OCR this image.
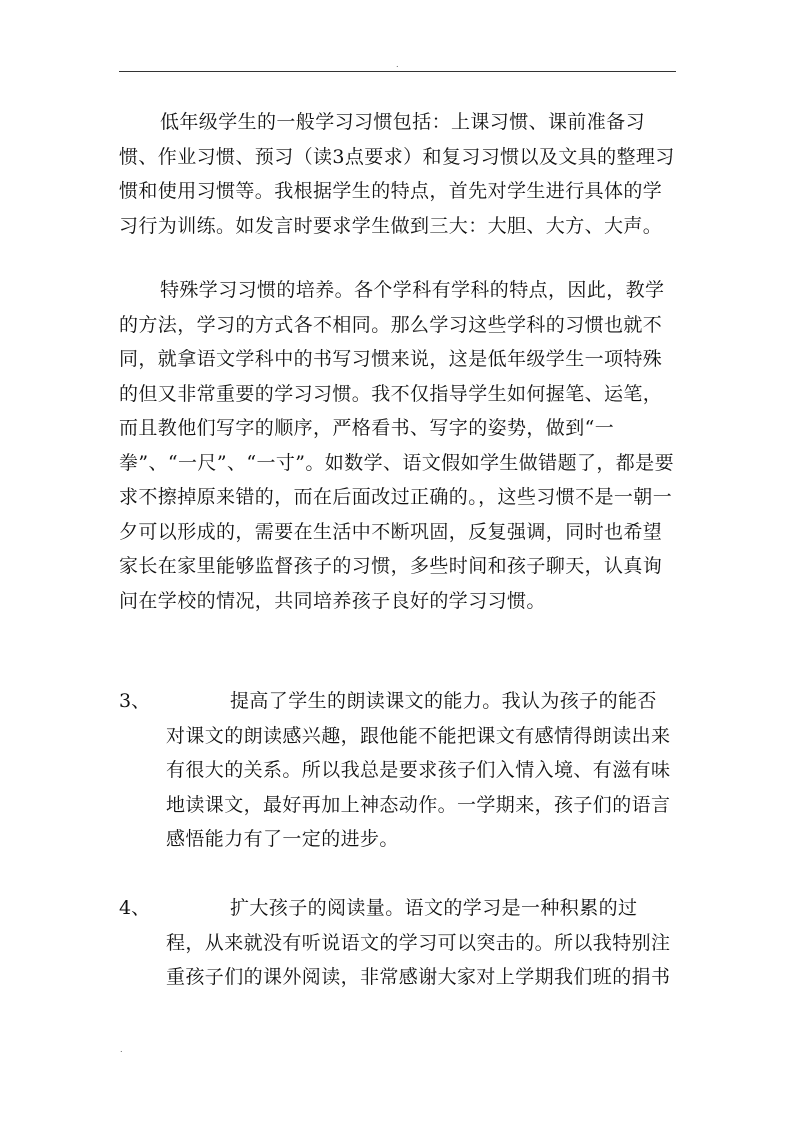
.

低年级学生的一般学习习惯包括：上课习惯、课前准备习惯、作业习惯、预习（读3点要求）和复习习惯以及文具的整理习惯和使用习惯等。我根据学生的特点，首先对学生进行具体的学习行为训练。如发言时要求学生做到三大：大胆、大方、大声。

特殊学习习惯的培养。各个学科有学科的特点，因此，教学的方法，学习的方式各不相同。那么学习这些学科的习惯也就不同，就拿语文学科中的书写习惯来说，这是低年级学生一项特殊的但又非常重要的学习习惯。我不仅指导学生如何握笔、运笔，而且教他们写字的顺序，严格看书、写字的姿势，做到“一拳”、“一尺”、“一寸”。如数学、语文假如学生做错题了，都是要求不擦掉原来错的，而在后面改过正确的。，这些习惯不是一朝一夕可以形成的，需要在生活中不断巩固，反复强调，同时也希望家长在家里能够监督孩子的习惯，多些时间和孩子聊天，认真询问在学校的情况，共同培养孩子良好的学习习惯。

3、	提高了学生的朗读课文的能力。我认为孩子的能否对课文的朗读感兴趣，跟他能不能把课文有感情得朗读出来有很大的关系。所以我总是要求孩子们入情入境、有滋有味地读课文，最好再加上神态动作。一学期来，孩子们的语言感悟能力有了一定的进步。

4、	扩大孩子的阅读量。语文的学习是一种积累的过程，从来就没有听说语文的学习可以突击的。所以我特别注重孩子们的课外阅读，非常感谢大家对上学期我们班的捐书

.
